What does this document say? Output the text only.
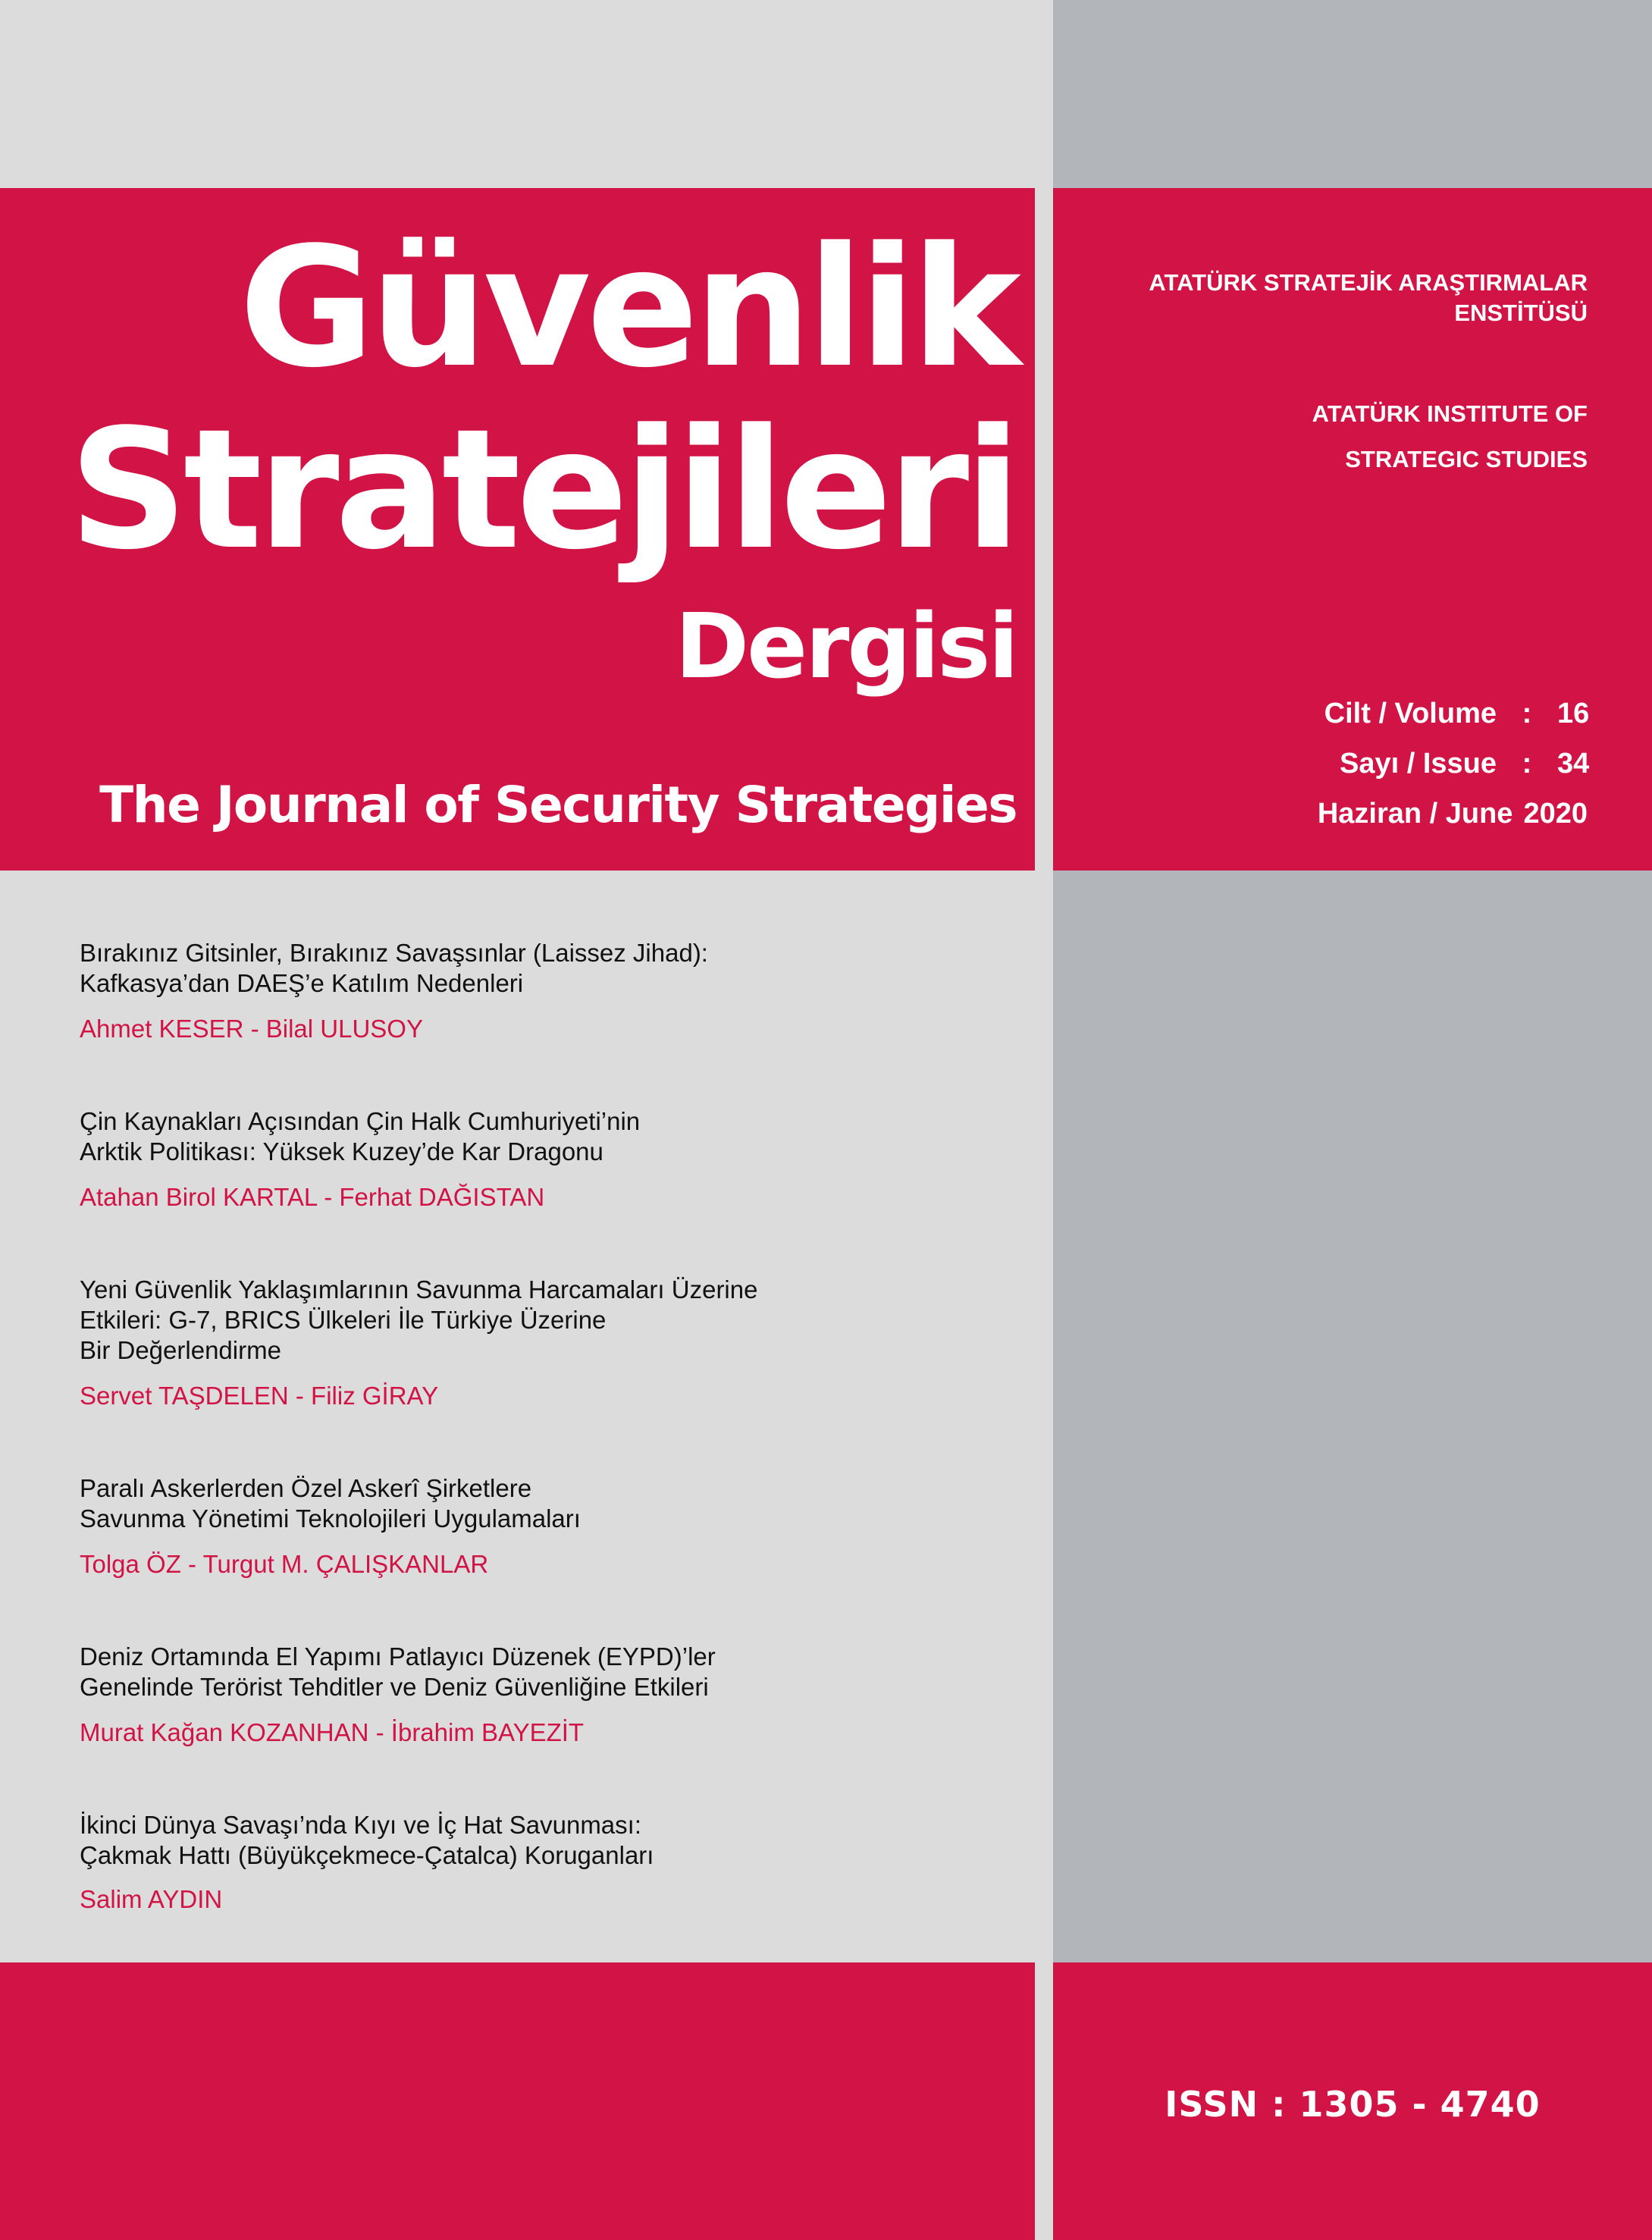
Güvenlik
Stratejileri
Dergisi
The Journal of Security Strategies
ATATÜRK STRATEJİK ARAŞTIRMALAR
ENSTİTÜSÜ
ATATÜRK INSTITUTE OF
STRATEGIC STUDIES
Cilt / Volume : 16
Sayı / Issue : 34
Haziran / June 2020
Bırakınız Gitsinler, Bırakınız Savaşsınlar (Laissez Jihad):
Kafkasya’dan DAEŞ’e Katılım Nedenleri
Ahmet KESER - Bilal ULUSOY
Çin Kaynakları Açısından Çin Halk Cumhuriyeti’nin
Arktik Politikası: Yüksek Kuzey’de Kar Dragonu
Atahan Birol KARTAL - Ferhat DAĞISTAN
Yeni Güvenlik Yaklaşımlarının Savunma Harcamaları Üzerine
Etkileri: G-7, BRICS Ülkeleri İle Türkiye Üzerine
Bir Değerlendirme
Servet TAŞDELEN - Filiz GİRAY
Paralı Askerlerden Özel Askerî Şirketlere
Savunma Yönetimi Teknolojileri Uygulamaları
Tolga ÖZ - Turgut M. ÇALIŞKANLAR
Deniz Ortamında El Yapımı Patlayıcı Düzenek (EYPD)’ler
Genelinde Terörist Tehditler ve Deniz Güvenliğine Etkileri
Murat Kağan KOZANHAN - İbrahim BAYEZİT
İkinci Dünya Savaşı’nda Kıyı ve İç Hat Savunması:
Çakmak Hattı (Büyükçekmece-Çatalca) Koruganları
Salim AYDIN
ISSN : 1305 - 4740
